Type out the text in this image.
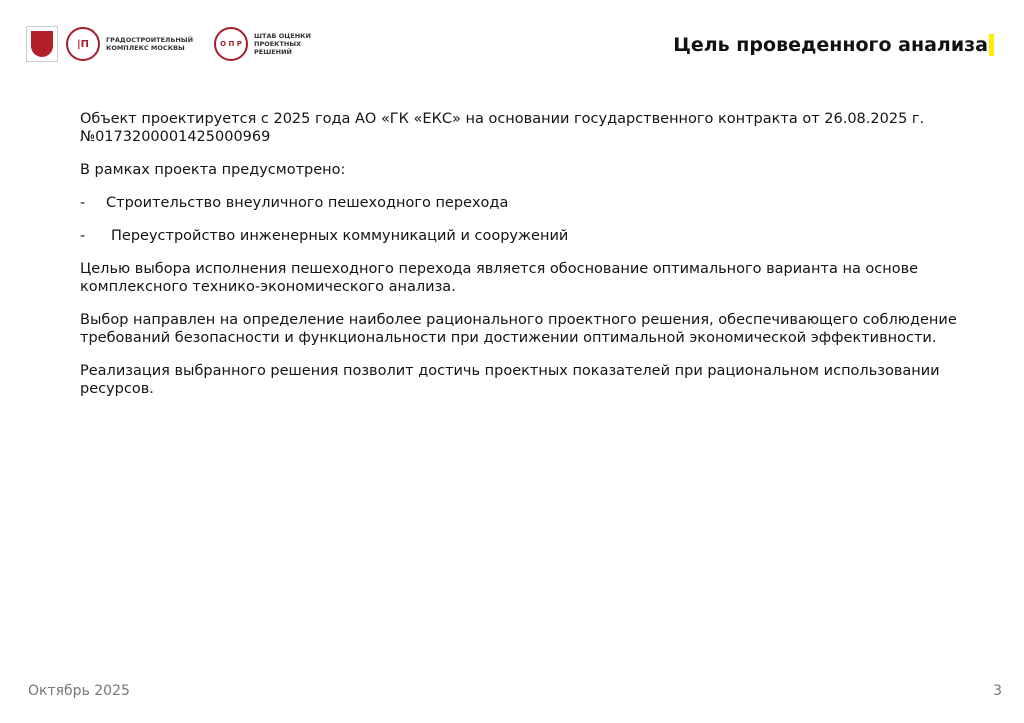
|П	ГРАДОСТРОИТЕЛЬНЫЙ КОМПЛЕКС МОСКВЫ	О П Р
ШТАБ ОЦЕНКИ
ПРОЕКТНЫХ
РЕШЕНИЙ	Цель проведенного анализа

Объект проектируется с 2025 года АО «ГК «ЕКС» на основании государственного контракта от 26.08.2025 г.
№0173200001425000969

В рамках проекта предусмотрено:

-	Строительство внеуличного пешеходного перехода

-	Переустройство инженерных коммуникаций и сооружений

Целью выбора исполнения пешеходного перехода является обоснование оптимального варианта на основе комплексного технико-экономического анализа.

Выбор направлен на определение наиболее рационального проектного решения, обеспечивающего соблюдение требований безопасности и функциональности при достижении оптимальной экономической эффективности.

Реализация выбранного решения позволит достичь проектных показателей при рациональном использовании ресурсов.

Октябрь 2025	3
